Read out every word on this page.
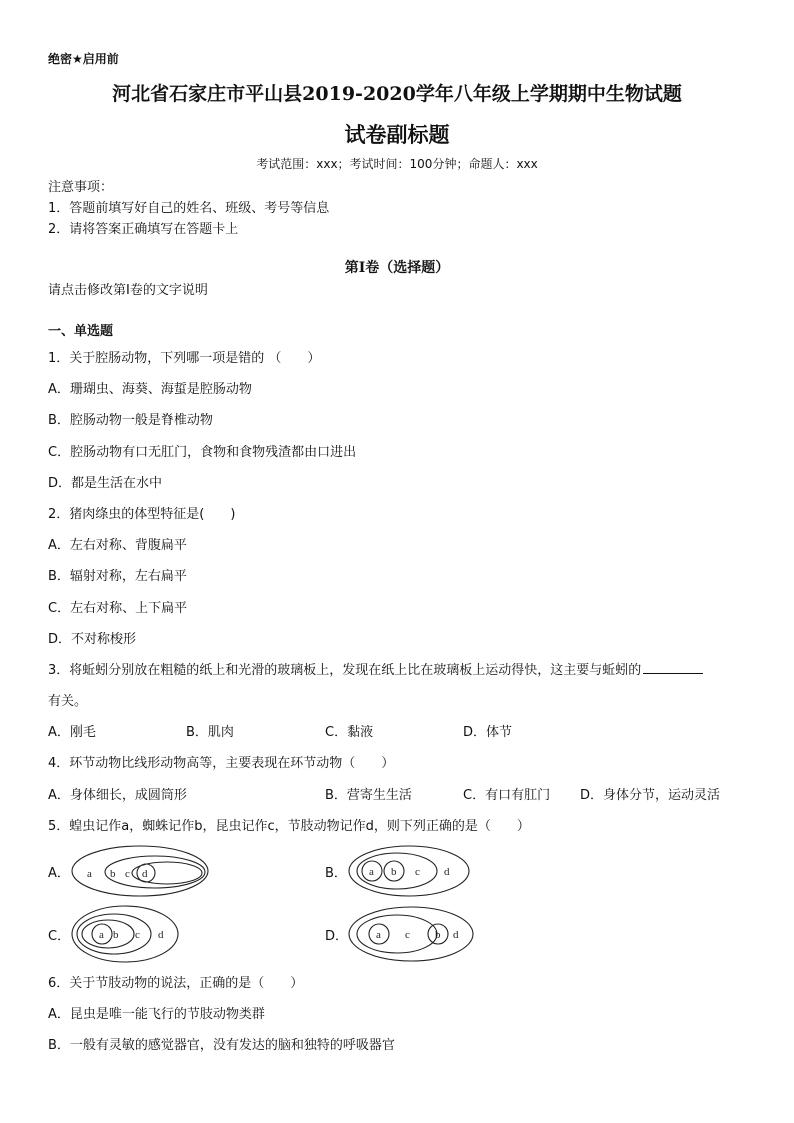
绝密★启用前
河北省石家庄市平山县2019-2020学年八年级上学期期中生物试题
试卷副标题
考试范围：xxx；考试时间：100分钟；命题人：xxx
注意事项：
1．答题前填写好自己的姓名、班级、考号等信息
2．请将答案正确填写在答题卡上
第I卷（选择题）
请点击修改第I卷的文字说明
一、单选题
1．关于腔肠动物，下列哪一项是错的 （　　）
A．珊瑚虫、海葵、海蜇是腔肠动物
B．腔肠动物一般是脊椎动物
C．腔肠动物有口无肛门，食物和食物残渣都由口进出
D．都是生活在水中
2．猪肉绦虫的体型特征是(　　)
A．左右对称、背腹扁平
B．辐射对称，左右扁平
C．左右对称、上下扁平
D．不对称梭形
3．将蚯蚓分别放在粗糙的纸上和光滑的玻璃板上，发现在纸上比在玻璃板上运动得快，这主要与蚯蚓的
有关。
A．刚毛	B．肌肉	C．黏液	D．体节
4．环节动物比线形动物高等，主要表现在环节动物（　　）
A．身体细长，成圆筒形	B．营寄生生活	C．有口有肛门 D．身体分节，运动灵活
5．蝗虫记作a，蜘蛛记作b，昆虫记作c，节肢动物记作d，则下列正确的是（　　）
A． a b c d	B． a b c d
C．	a b c d	D．	a	b
c	d
6．关于节肢动物的说法，正确的是（　　）
A．昆虫是唯一能飞行的节肢动物类群
B．一般有灵敏的感觉器官，没有发达的脑和独特的呼吸器官
